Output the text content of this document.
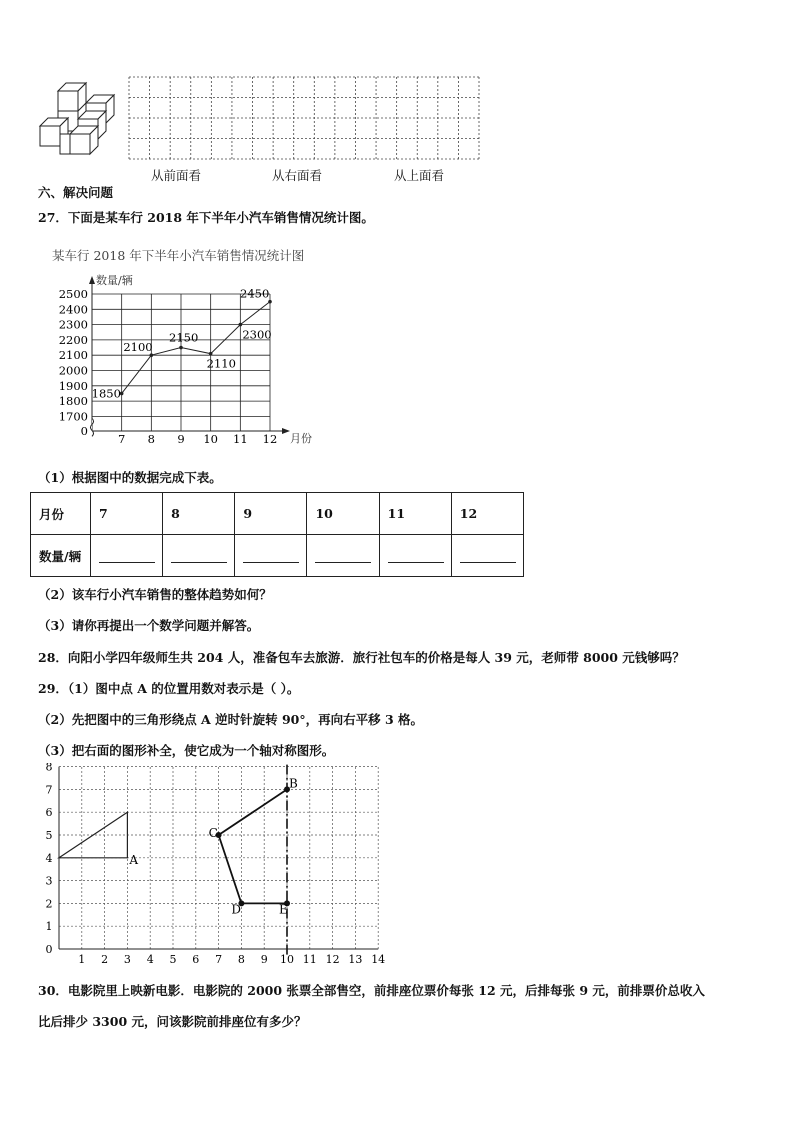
从前面看	从右面看	从上面看
六、解决问题
27．下面是某车行 2018 年下半年小汽车销售情况统计图。
某车行 2018 年下半年小汽车销售情况统计图
数量/辆
月份
2500
2400
2300
2200
2100
2000
1900
1800
1700
0
7 8 9 10 11 12
1850
2100
2150
2110
2300
2450
（1）根据图中的数据完成下表。
月份	7	8	9	10	11	12
数量/辆						
（2）该车行小汽车销售的整体趋势如何？
（3）请你再提出一个数学问题并解答。
28．向阳小学四年级师生共 204 人，准备包车去旅游．旅行社包车的价格是每人 39 元，老师带 8000 元钱够吗？
29．（1）图中点 A 的位置用数对表示是（ ）。
（2）先把图中的三角形绕点 A 逆时针旋转 90°，再向右平移 3 格。
（3）把右面的图形补全，使它成为一个轴对称图形。
1 2 3 4 5 6 7 8 9 10 11 12 13 14
0
1
2
3
4
5
6
7
8
A
B
C
D	E
30．电影院里上映新电影．电影院的 2000 张票全部售空，前排座位票价每张 12 元，后排每张 9 元，前排票价总收入
比后排少 3300 元，问该影院前排座位有多少？
